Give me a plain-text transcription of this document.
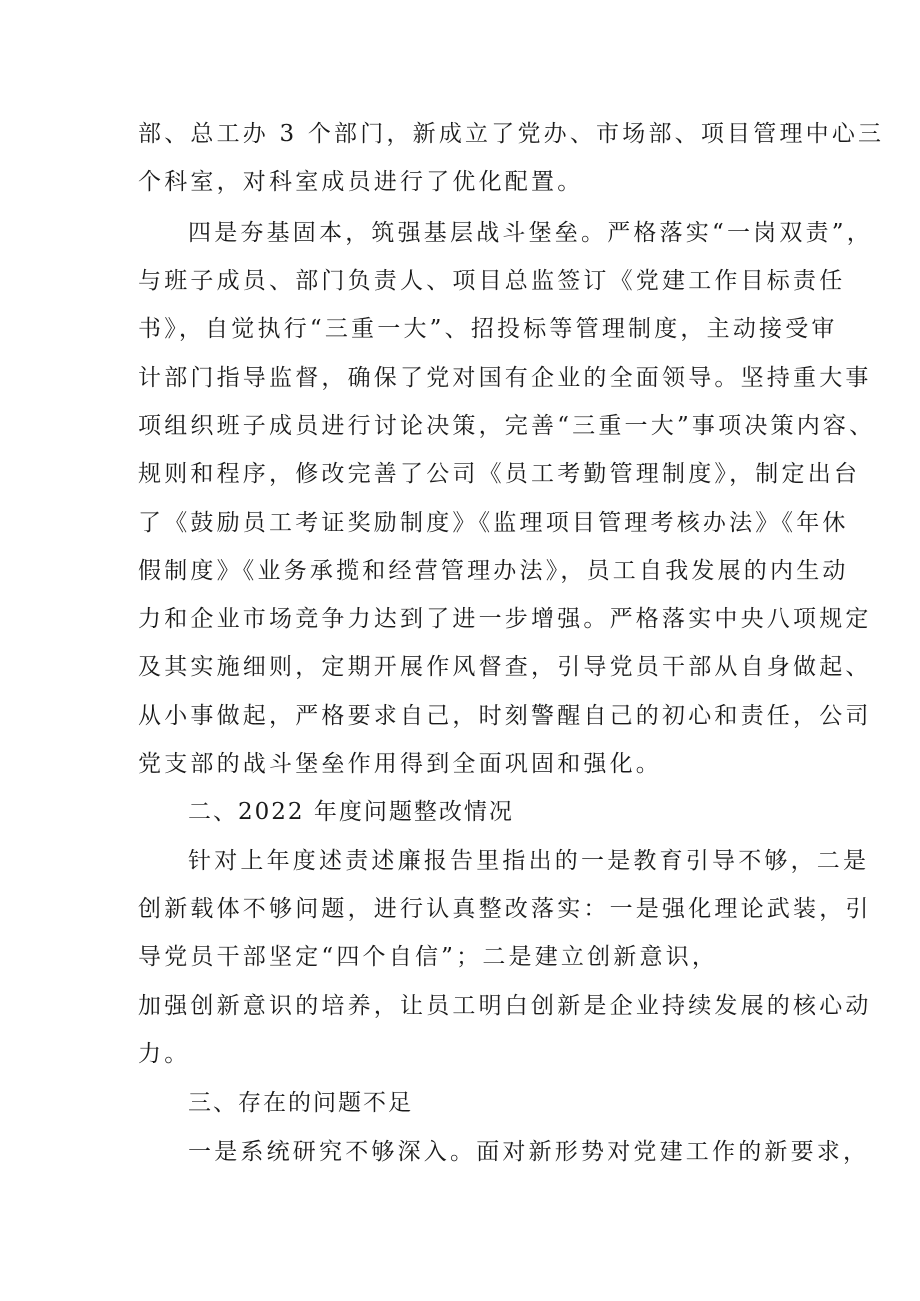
部、总工办 3 个部门，新成立了党办、市场部、项目管理中心三
个科室，对科室成员进行了优化配置。
四是夯基固本，筑强基层战斗堡垒。严格落实“一岗双责”，
与班子成员、部门负责人、项目总监签订《党建工作目标责任
书》，自觉执行“三重一大”、招投标等管理制度，主动接受审
计部门指导监督，确保了党对国有企业的全面领导。坚持重大事
项组织班子成员进行讨论决策，完善“三重一大”事项决策内容、
规则和程序，修改完善了公司《员工考勤管理制度》，制定出台
了《鼓励员工考证奖励制度》《监理项目管理考核办法》《年休
假制度》《业务承揽和经营管理办法》，员工自我发展的内生动
力和企业市场竞争力达到了进一步增强。严格落实中央八项规定
及其实施细则，定期开展作风督查，引导党员干部从自身做起、
从小事做起，严格要求自己，时刻警醒自己的初心和责任，公司
党支部的战斗堡垒作用得到全面巩固和强化。
二、2022 年度问题整改情况
针对上年度述责述廉报告里指出的一是教育引导不够，二是
创新载体不够问题，进行认真整改落实：一是强化理论武装，引
导党员干部坚定“四个自信”；二是建立创新意识，
加强创新意识的培养，让员工明白创新是企业持续发展的核心动
力。
三、存在的问题不足
一是系统研究不够深入。面对新形势对党建工作的新要求，
